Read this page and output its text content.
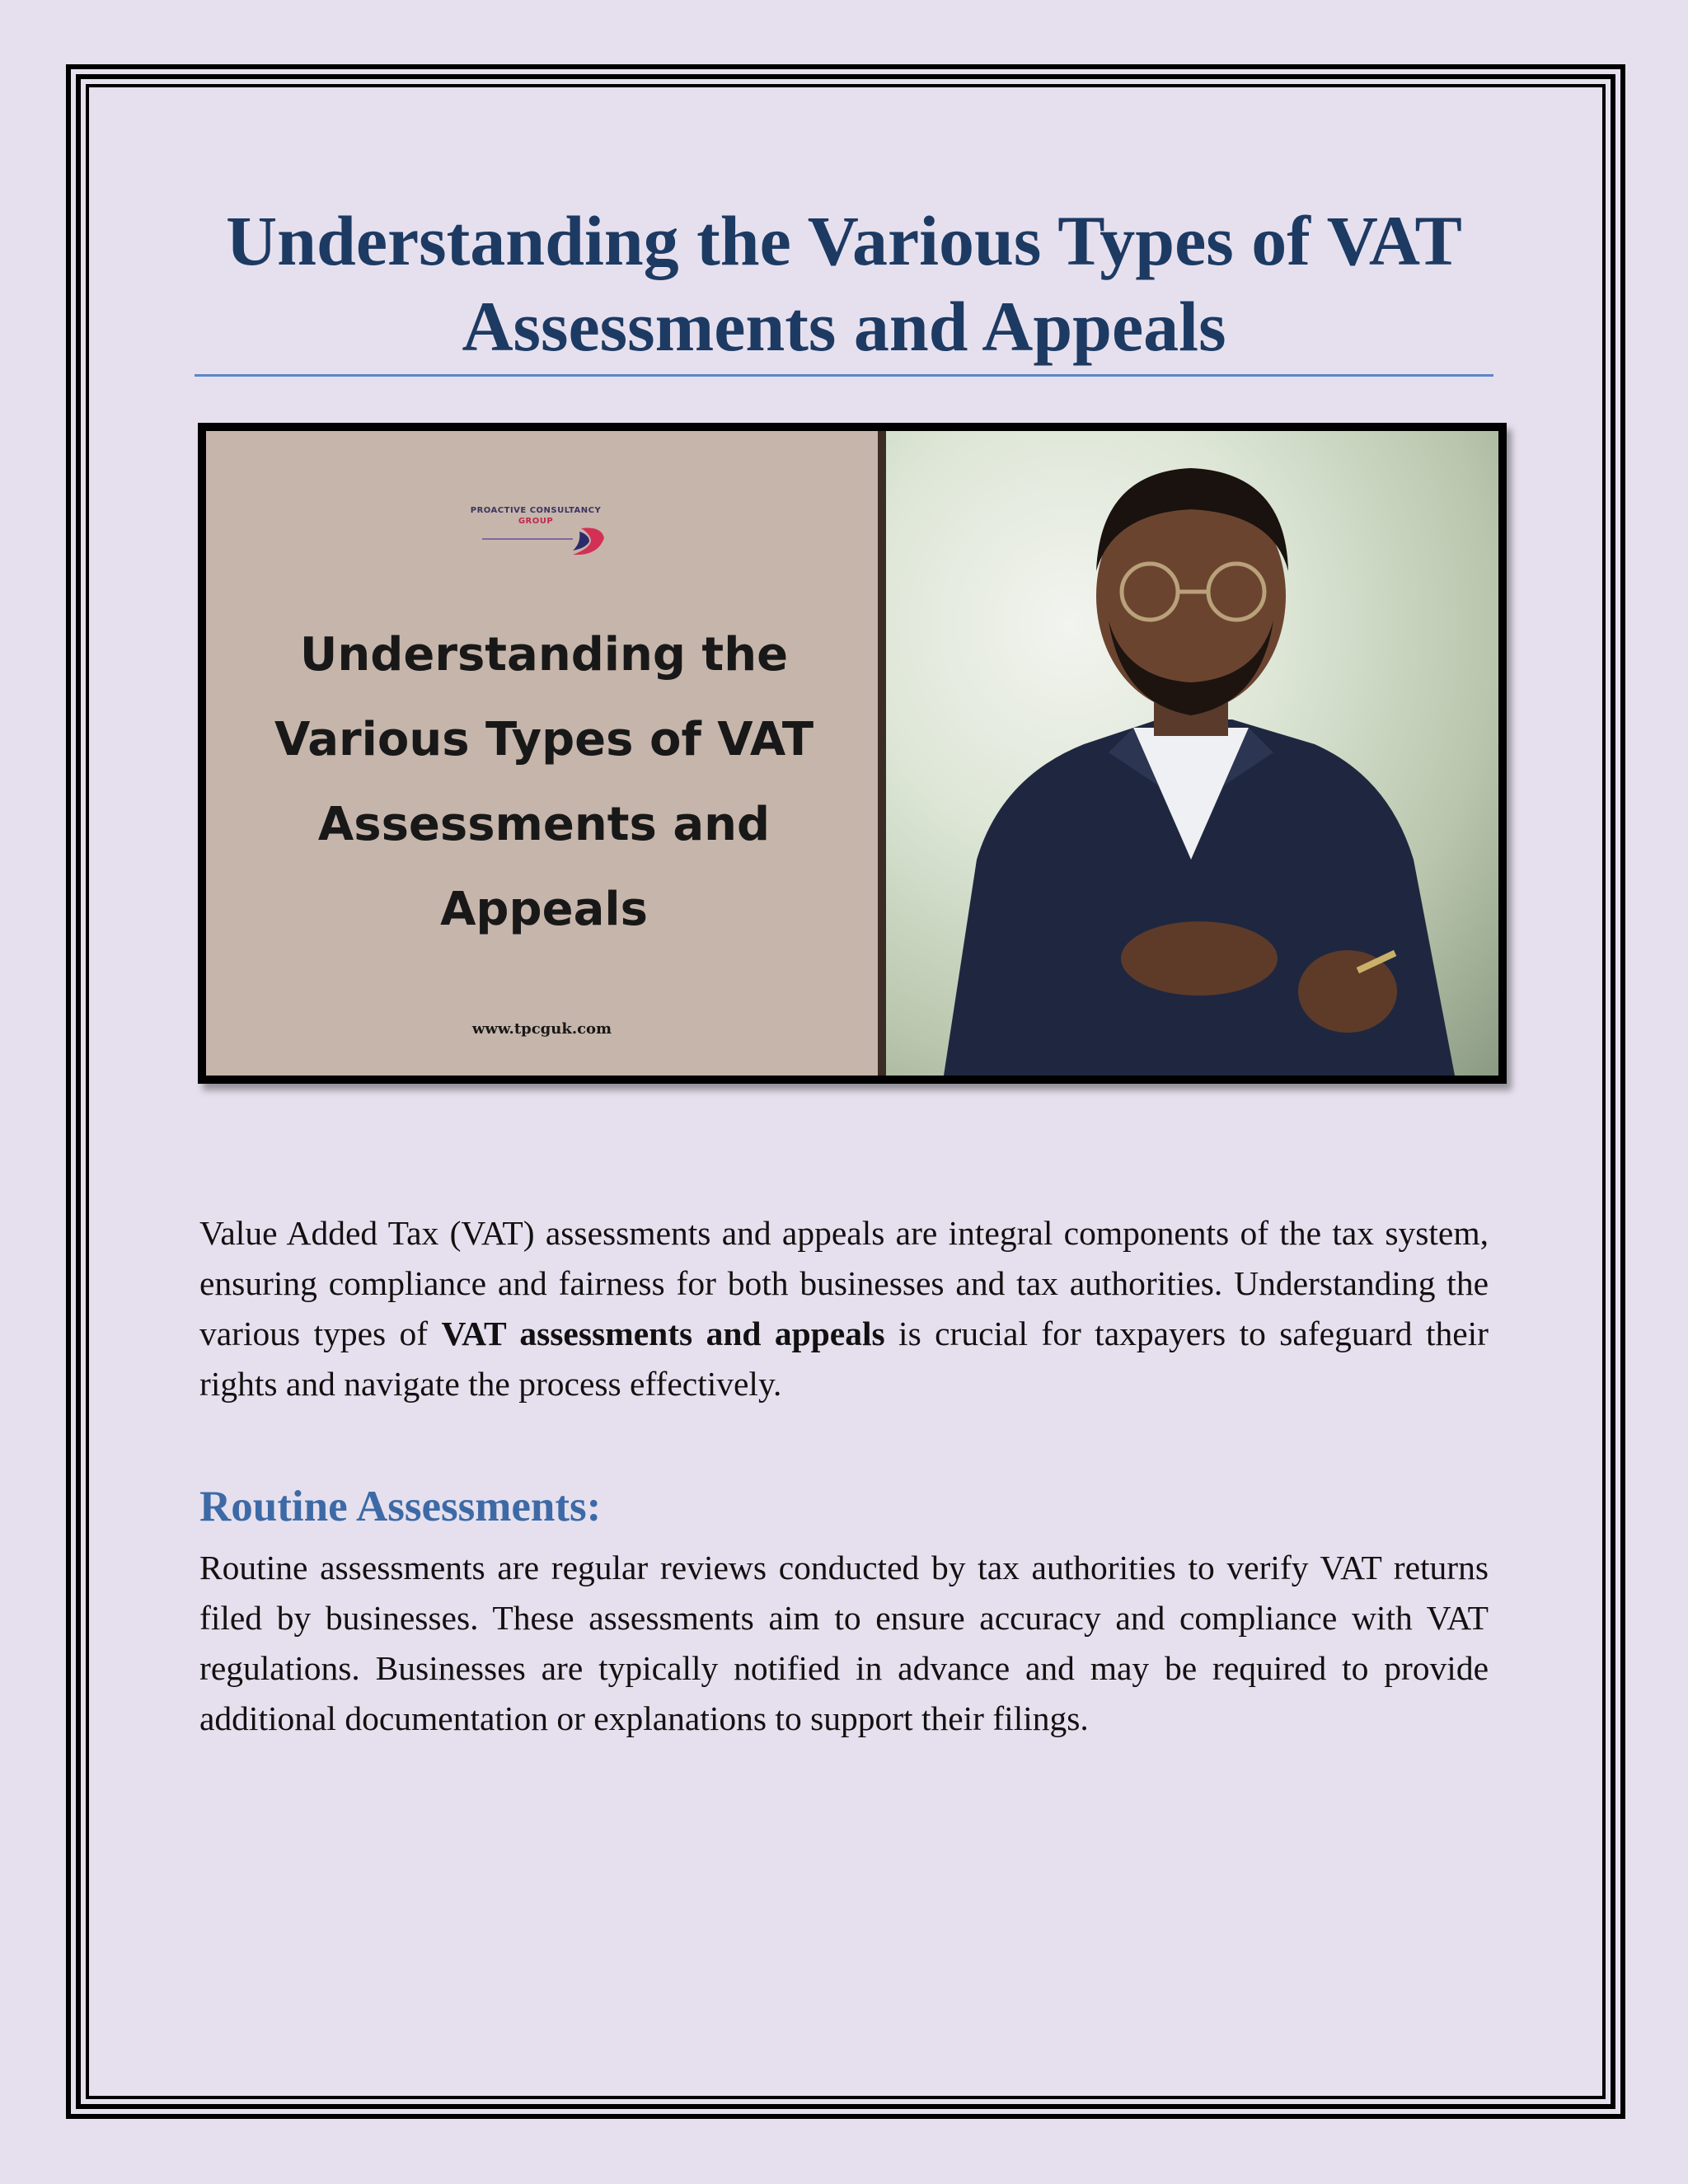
Understanding the Various Types of VAT Assessments and Appeals
PROACTIVE CONSULTANCY
GROUP
Understanding the
Various Types of VAT
Assessments and
Appeals
www.tpcguk.com

Value Added Tax (VAT) assessments and appeals are integral components of the tax system, ensuring compliance and fairness for both businesses and tax authorities. Understanding the various types of VAT assessments and appeals is crucial for taxpayers to safeguard their rights and navigate the process effectively.

Routine Assessments:

Routine assessments are regular reviews conducted by tax authorities to verify VAT returns filed by businesses. These assessments aim to ensure accuracy and compliance with VAT regulations. Businesses are typically notified in advance and may be required to provide additional documentation or explanations to support their filings.
